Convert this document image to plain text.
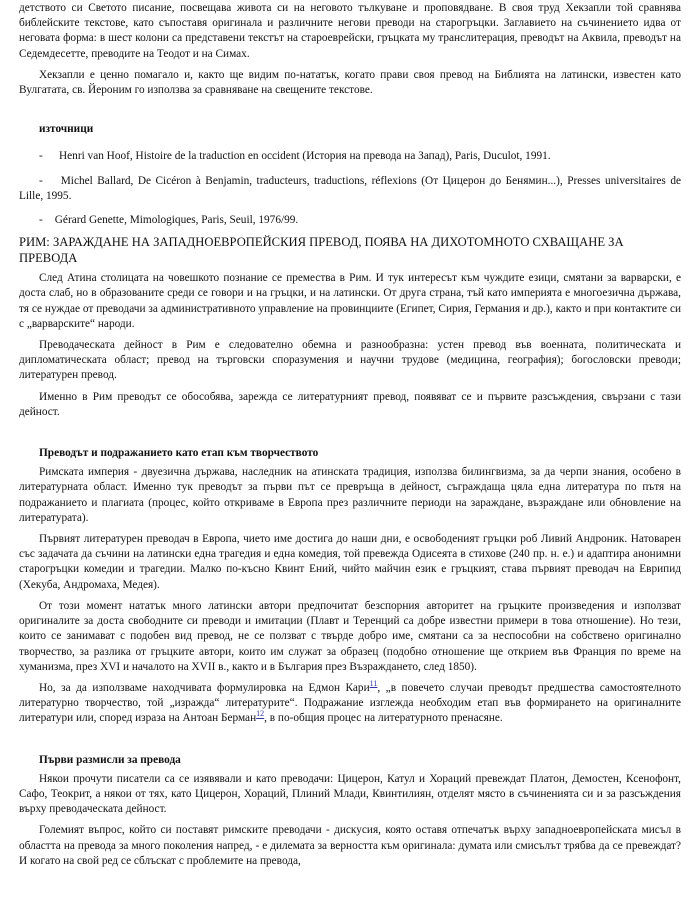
детството си Светото писание, посвещава живота си на неговото тълкуване и проповядване. В своя труд Хекзапли той сравнява библейските текстове, като съпоставя оригинала и различните негови преводи на старогръцки. Заглавието на съчинението идва от неговата форма: в шест колони са представени текстът на староеврейски, гръцката му транслитерация, преводът на Аквила, преводът на Седемдесетте, преводите на Теодот и на Симах.

Хекзапли е ценно помагало и, както ще видим по-нататък, когато прави своя превод на Библията на латински, известен като Вулгатата, св. Йероним го използва за сравняване на свещените текстове.

източници

- Henri van Hoof, Histoire de la traduction en occident (История на превода на Запад), Paris, Duculot, 1991.

- Michel Ballard, De Cicéron à Benjamin, traducteurs, traductions, réflexions (От Цицерон до Бенямин...), Presses universitaires de Lille, 1995.

- Gérard Genette, Mimologiques, Paris, Seuil, 1976/99.

РИМ: ЗАРАЖДАНЕ НА ЗАПАДНОЕВРОПЕЙСКИЯ ПРЕВОД, ПОЯВА НА ДИХОТОМНОТО СХВАЩАНЕ ЗА ПРЕВОДА

След Атина столицата на човешкото познание се премества в Рим. И тук интересът към чуждите езици, смятани за варварски, е доста слаб, но в образованите среди се говори и на гръцки, и на латински. От друга страна, тъй като империята е многоезична държава, тя се нуждае от преводачи за административното управление на провинциите (Египет, Сирия, Германия и др.), както и при контактите си с „варварските“ народи.

Преводаческата дейност в Рим е следователно обемна и разнообразна: устен превод във военната, политическата и дипломатическата област; превод на търговски споразумения и научни трудове (медицина, география); богословски преводи; литературен превод.

Именно в Рим преводът се обособява, зарежда се литературният превод, появяват се и първите разсъждения, свързани с тази дейност.

Преводът и подражанието като етап към творчеството

Римската империя - двуезична държава, наследник на атинската традиция, използва билингвизма, за да черпи знания, особено в литературната област. Именно тук преводът за първи път се превръща в дейност, съграждаща цяла една литература по пътя на подражанието и плагиата (процес, който откриваме в Европа през различните периоди на зараждане, възраждане или обновление на литературата).

Първият литературен преводач в Европа, чието име достига до наши дни, е освободеният гръцки роб Ливий Андроник. Натоварен със задачата да съчини на латински една трагедия и една комедия, той превежда Одисеята в стихове (240 пр. н. е.) и адаптира анонимни старогръцки комедии и трагедии. Малко по-късно Квинт Ений, чийто майчин език е гръцкият, става първият преводач на Еврипид (Хекуба, Андромаха, Медея).

От този момент нататък много латински автори предпочитат безспорния авторитет на гръцките произведения и използват оригиналите за доста свободните си преводи и имитации (Плавт и Теренций са добре известни примери в това отношение). Но тези, които се занимават с подобен вид превод, не се ползват с твърде добро име, смятани са за неспособни на собствено оригинално творчество, за разлика от гръцките автори, които им служат за образец (подобно отношение ще открием във Франция по време на хуманизма, през XVI и началото на XVII в., както и в България през Възраждането, след 1850).

Но, за да използваме находчивата формулировка на Едмон Кари$^{11}$, „в повечето случаи преводът предшества самостоятелното литературно творчество, той „изражда“ литературите“. Подражание изглежда необходим етап във формирането на оригиналните литератури или, според израза на Антоан Берман$^{12}$, в по-общия процес на литературното пренасяне.

Първи размисли за превода

Някои прочути писатели са се изявявали и като преводачи: Цицерон, Катул и Хораций превеждат Платон, Демостен, Ксенофонт, Сафо, Теокрит, а някои от тях, като Цицерон, Хораций, Плиний Млади, Квинтилиян, отделят място в съчиненията си и за разсъждения върху преводаческата дейност.

Големият въпрос, който си поставят римските преводачи - дискусия, която оставя отпечатък върху западноевропейската мисъл в областта на превода за много поколения напред, - е дилемата за верността към оригинала: думата или смисълът трябва да се превеждат? И когато на свой ред се сблъскат с проблемите на превода,
